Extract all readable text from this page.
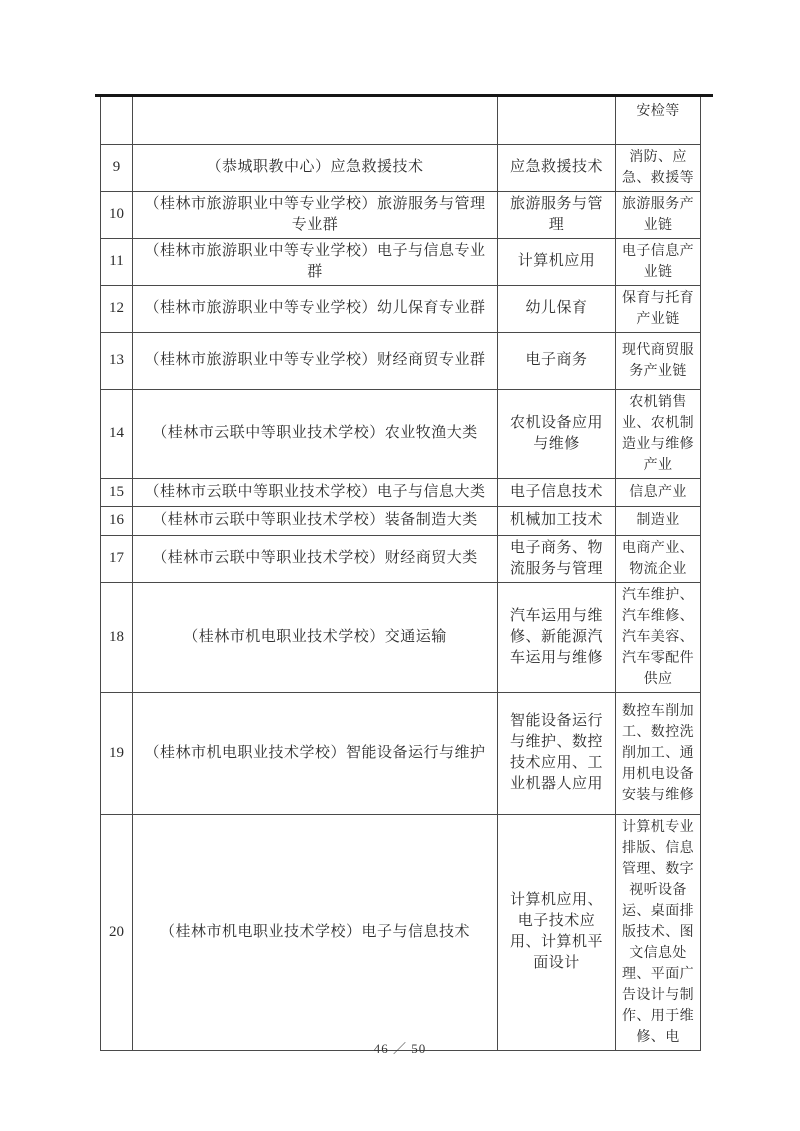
			安检等
9	（恭城职教中心）应急救援技术	应急救援技术	消防、应急、救援等
10	（桂林市旅游职业中等专业学校）旅游服务与管理专业群	旅游服务与管理	旅游服务产业链
11	（桂林市旅游职业中等专业学校）电子与信息专业群	计算机应用	电子信息产业链
12	（桂林市旅游职业中等专业学校）幼儿保育专业群	幼儿保育	保育与托育产业链
13	（桂林市旅游职业中等专业学校）财经商贸专业群	电子商务	现代商贸服务产业链
14	（桂林市云联中等职业技术学校）农业牧渔大类	农机设备应用与维修	农机销售业、农机制造业与维修产业
15	（桂林市云联中等职业技术学校）电子与信息大类	电子信息技术	信息产业
16	（桂林市云联中等职业技术学校）装备制造大类	机械加工技术	制造业
17	（桂林市云联中等职业技术学校）财经商贸大类	电子商务、物流服务与管理	电商产业、物流企业
18	（桂林市机电职业技术学校）交通运输	汽车运用与维修、新能源汽车运用与维修	汽车维护、汽车维修、汽车美容、汽车零配件供应
19	（桂林市机电职业技术学校）智能设备运行与维护	智能设备运行与维护、数控技术应用、工业机器人应用	数控车削加工、数控洗削加工、通用机电设备安装与维修
20	（桂林市机电职业技术学校）电子与信息技术	计算机应用、电子技术应用、计算机平面设计	计算机专业排版、信息管理、数字视听设备运、桌面排版技术、图文信息处理、平面广告设计与制作、用于维修、电
46 ／ 50
